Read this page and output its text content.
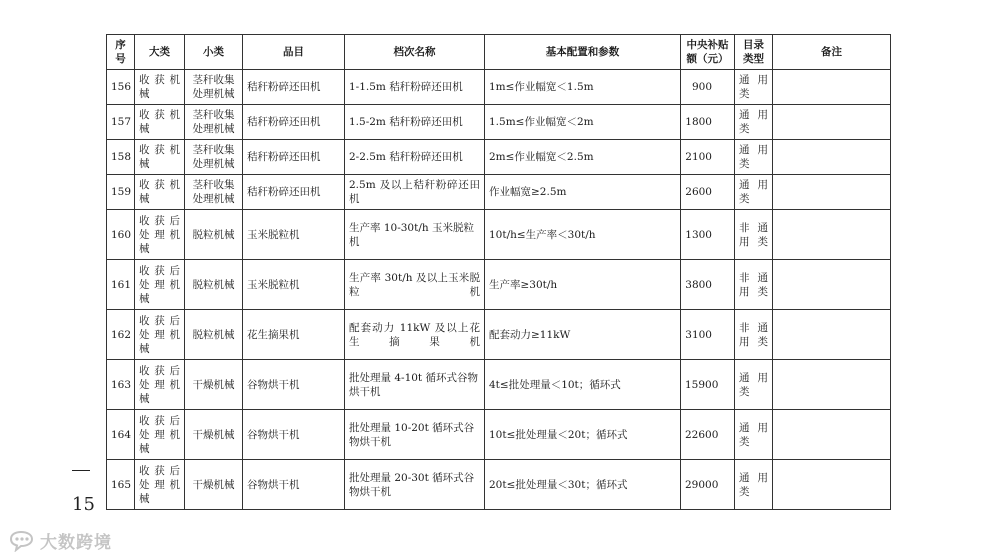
序号	大类	小类	品目	档次名称	基本配置和参数	中央补贴额（元）	目录类型	备注
156	收获机械	茎秆收集处理机械	秸秆粉碎还田机	1-1.5m 秸秆粉碎还田机	1m≤作业幅宽＜1.5m	900	通用类	
157	收获机械	茎秆收集处理机械	秸秆粉碎还田机	1.5-2m 秸秆粉碎还田机	1.5m≤作业幅宽＜2m	1800	通用类	
158	收获机械	茎秆收集处理机械	秸秆粉碎还田机	2-2.5m 秸秆粉碎还田机	2m≤作业幅宽＜2.5m	2100	通用类	
159	收获机械	茎秆收集处理机械	秸秆粉碎还田机	2.5m 及以上秸秆粉碎还田机	作业幅宽≥2.5m	2600	通用类	
160	收获后处理机械	脱粒机械	玉米脱粒机	生产率 10-30t/h 玉米脱粒机	10t/h≤生产率＜30t/h	1300	非通用类	
161	收获后处理机械	脱粒机械	玉米脱粒机	生产率 30t/h 及以上玉米脱粒机	生产率≥30t/h	3800	非通用类	
162	收获后处理机械	脱粒机械	花生摘果机	配套动力 11kW 及以上花生摘果机	配套动力≥11kW	3100	非通用类	
163	收获后处理机械	干燥机械	谷物烘干机	批处理量 4-10t 循环式谷物烘干机	4t≤批处理量＜10t；循环式	15900	通用类	
164	收获后处理机械	干燥机械	谷物烘干机	批处理量 10-20t 循环式谷物烘干机	10t≤批处理量＜20t；循环式	22600	通用类	
165	收获后处理机械	干燥机械	谷物烘干机	批处理量 20-30t 循环式谷物烘干机	20t≤批处理量＜30t；循环式	29000	通用类	
15
大数跨境
